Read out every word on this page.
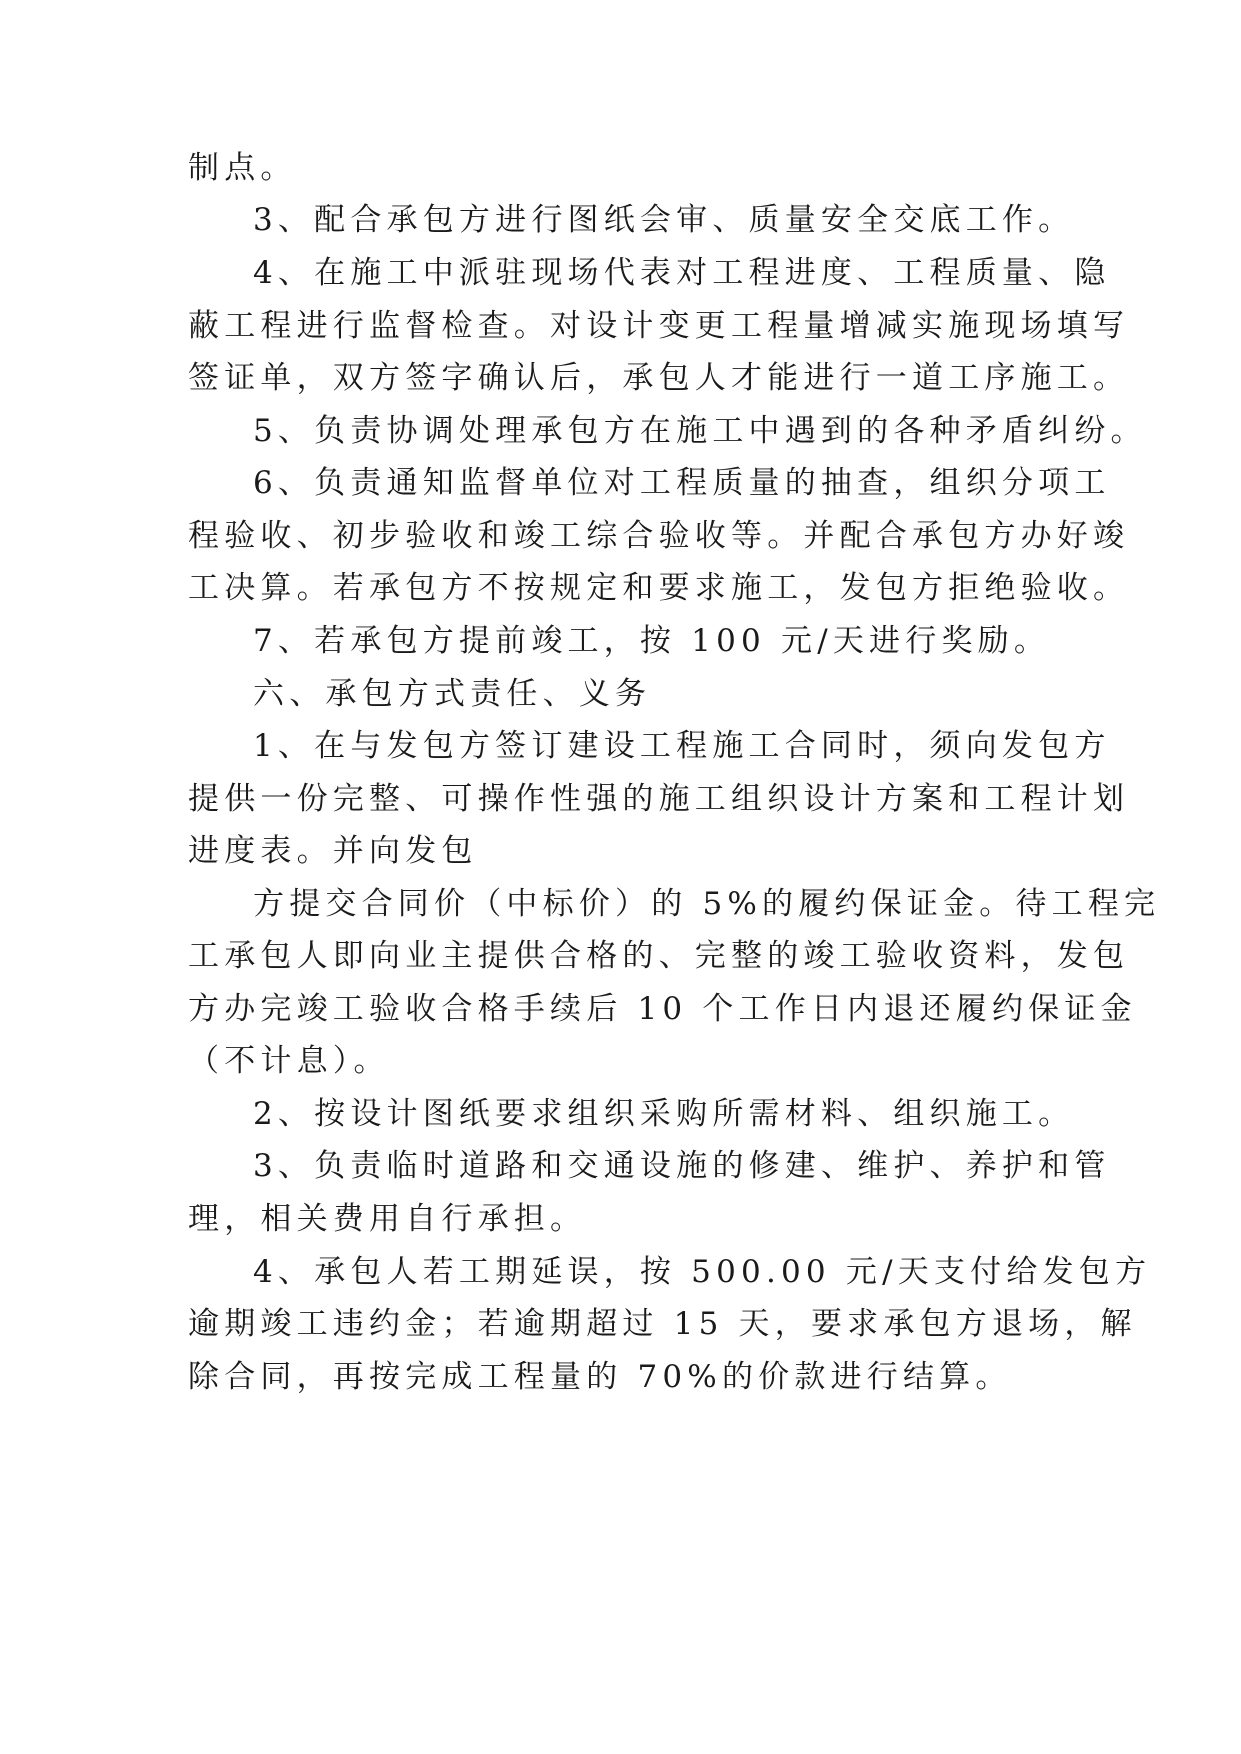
制点。
3、配合承包方进行图纸会审、质量安全交底工作。
4、在施工中派驻现场代表对工程进度、工程质量、隐
蔽工程进行监督检查。对设计变更工程量增减实施现场填写
签证单，双方签字确认后，承包人才能进行一道工序施工。
5、负责协调处理承包方在施工中遇到的各种矛盾纠纷。
6、负责通知监督单位对工程质量的抽查，组织分项工
程验收、初步验收和竣工综合验收等。并配合承包方办好竣
工决算。若承包方不按规定和要求施工，发包方拒绝验收。
7、若承包方提前竣工，按 100 元/天进行奖励。
六、承包方式责任、义务
1、在与发包方签订建设工程施工合同时，须向发包方
提供一份完整、可操作性强的施工组织设计方案和工程计划
进度表。并向发包
方提交合同价（中标价）的 5%的履约保证金。待工程完
工承包人即向业主提供合格的、完整的竣工验收资料，发包
方办完竣工验收合格手续后 10 个工作日内退还履约保证金
（不计息）。
2、按设计图纸要求组织采购所需材料、组织施工。
3、负责临时道路和交通设施的修建、维护、养护和管
理，相关费用自行承担。
4、承包人若工期延误，按 500.00 元/天支付给发包方
逾期竣工违约金；若逾期超过 15 天，要求承包方退场，解
除合同，再按完成工程量的 70%的价款进行结算。
